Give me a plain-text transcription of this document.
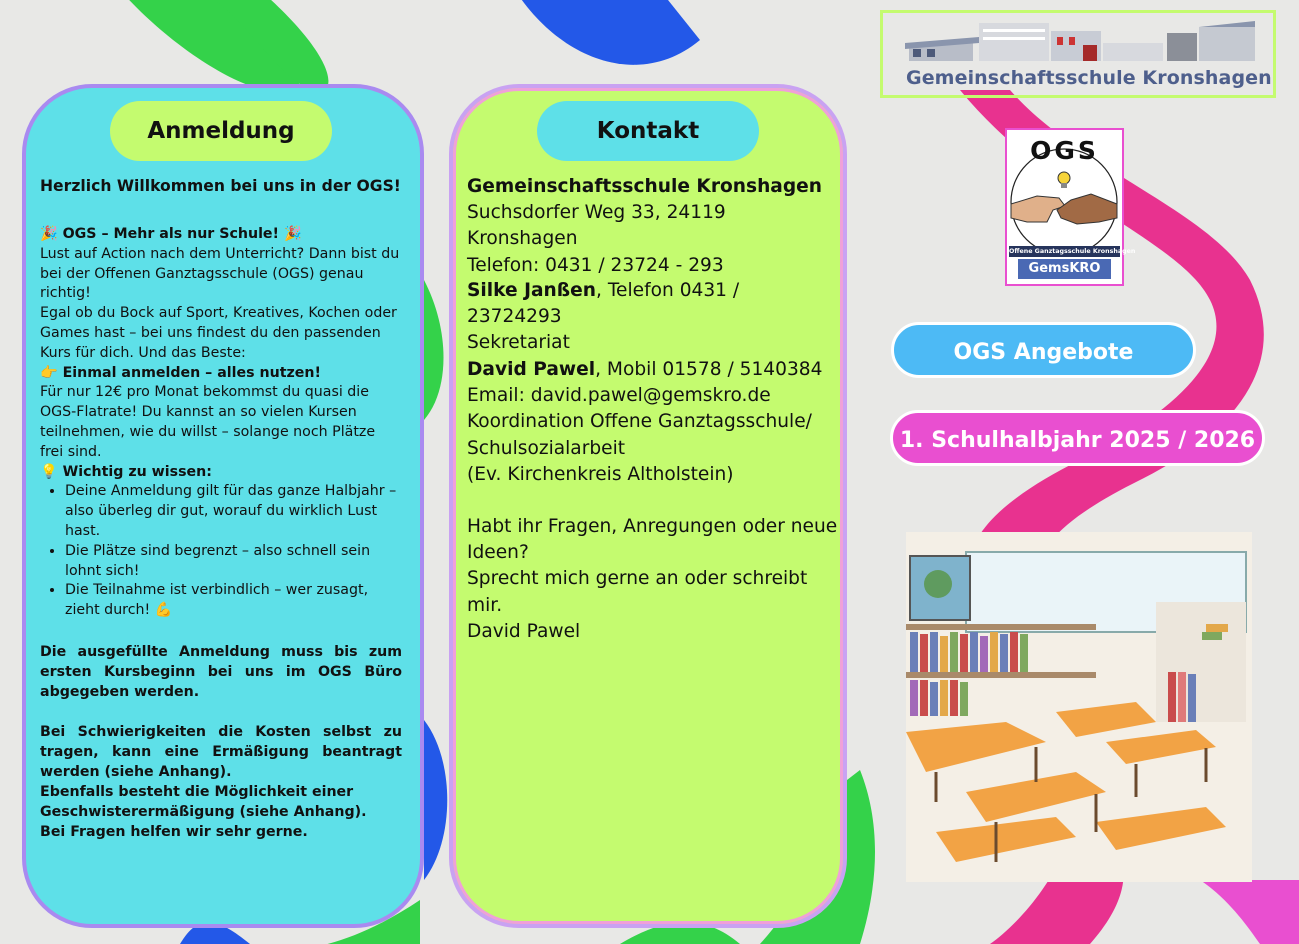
Anmeldung	Kontakt
Herzlich Willkommen bei uns in der OGS!
🎉 OGS – Mehr als nur Schule! 🎉
Lust auf Action nach dem Unterricht? Dann bist du bei der Offenen Ganztagsschule (OGS) genau richtig!
Egal ob du Bock auf Sport, Kreatives, Kochen oder Games hast – bei uns findest du den passenden Kurs für dich. Und das Beste:
👉 Einmal anmelden – alles nutzen!
Für nur 12€ pro Monat bekommst du quasi die OGS-Flatrate! Du kannst an so vielen Kursen teilnehmen, wie du willst – solange noch Plätze frei sind.
💡 Wichtig zu wissen:
• Deine Anmeldung gilt für das ganze Halbjahr – also überleg dir gut, worauf du wirklich Lust hast.
• Die Plätze sind begrenzt – also schnell sein lohnt sich!
• Die Teilnahme ist verbindlich – wer zusagt, zieht durch! 💪
Die ausgefüllte Anmeldung muss bis zum ersten Kursbeginn bei uns im OGS Büro abgegeben werden.
Bei Schwierigkeiten die Kosten selbst zu tragen, kann eine Ermäßigung beantragt werden (siehe Anhang).
Ebenfalls besteht die Möglichkeit einer Geschwisterermäßigung (siehe Anhang).
Bei Fragen helfen wir sehr gerne.

Gemeinschaftsschule Kronshagen

Suchsdorfer Weg 33, 24119 Kronshagen

Telefon: 0431 / 23724 - 293

Silke Janßen, Telefon 0431 / 23724293

Sekretariat

David Pawel, Mobil 01578 / 5140384

Email: david.pawel@gemskro.de

Koordination Offene Ganztagsschule/

Schulsozialarbeit

(Ev. Kirchenkreis Altholstein)

Habt ihr Fragen, Anregungen oder neue Ideen?

Sprecht mich gerne an oder schreibt mir.

David Pawel
Gemeinschaftsschule Kronshagen
OGS
Offene Ganztagsschule Kronshagen
GemsKRO
OGS Angebote
1. Schulhalbjahr 2025 / 2026
